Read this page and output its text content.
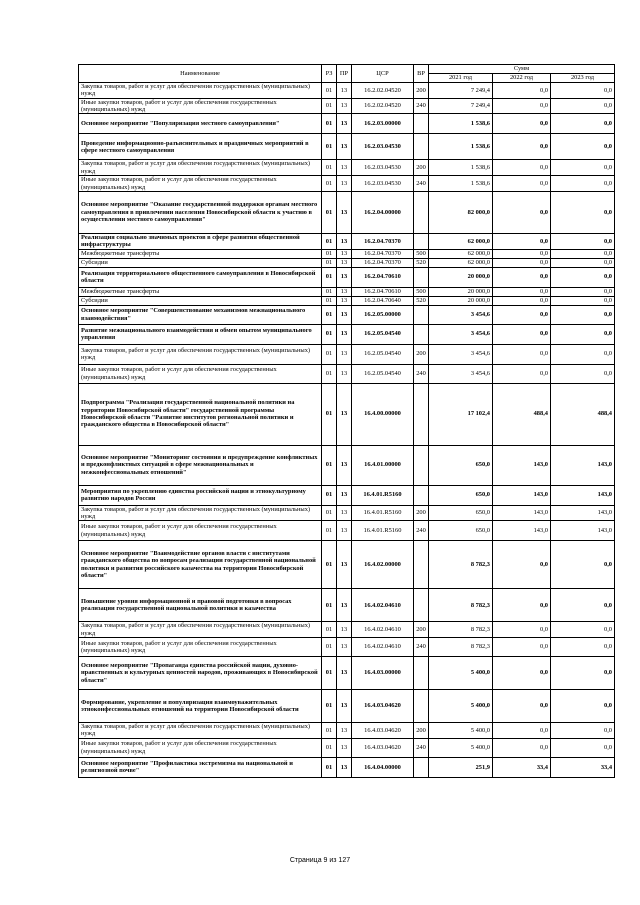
Наименование	РЗ	ПР	ЦСР	ВР	Сумм		
					2021 год	2022 год	2023 год
Закупка товаров, работ и услуг для обеспечения государственных (муниципальных) нужд	01	13	16.2.02.04520	200	7 249,4	0,0	0,0
Иные закупки товаров, работ и услуг для обеспечения государственных (муниципальных) нужд	01	13	16.2.02.04520	240	7 249,4	0,0	0,0
Основное мероприятие "Популяризация местного самоуправления"	01	13	16.2.03.00000		1 538,6	0,0	0,0
Проведение информационно-разъяснительных и праздничных мероприятий в сфере местного самоуправления	01	13	16.2.03.04530		1 538,6	0,0	0,0
Закупка товаров, работ и услуг для обеспечения государственных (муниципальных) нужд	01	13	16.2.03.04530	200	1 538,6	0,0	0,0
Иные закупки товаров, работ и услуг для обеспечения государственных (муниципальных) нужд	01	13	16.2.03.04530	240	1 538,6	0,0	0,0
Основное мероприятие "Оказание государственной поддержки органам местного самоуправления в привлечении населения Новосибирской области к участию в осуществлении местного самоуправления"	01	13	16.2.04.00000		82 000,0	0,0	0,0
Реализация социально значимых проектов в сфере развития общественной инфраструктуры	01	13	16.2.04.70370		62 000,0	0,0	0,0
Межбюджетные трансферты	01	13	16.2.04.70370	500	62 000,0	0,0	0,0
Субсидии	01	13	16.2.04.70370	520	62 000,0	0,0	0,0
Реализация территориального общественного самоуправления в Новосибирской области	01	13	16.2.04.70610		20 000,0	0,0	0,0
Межбюджетные трансферты	01	13	16.2.04.70610	500	20 000,0	0,0	0,0
Субсидии	01	13	16.2.04.70640	520	20 000,0	0,0	0,0
Основное мероприятие "Совершенствование механизмов межнационального взаимодействия"	01	13	16.2.05.00000		3 454,6	0,0	0,0
Развитие межнационального взаимодействия и обмен опытом муниципального управления	01	13	16.2.05.04540		3 454,6	0,0	0,0
Закупка товаров, работ и услуг для обеспечения государственных (муниципальных) нужд	01	13	16.2.05.04540	200	3 454,6	0,0	0,0
Иные закупки товаров, работ и услуг для обеспечения государственных (муниципальных) нужд	01	13	16.2.05.04540	240	3 454,6	0,0	0,0
Подпрограмма "Реализация государственной национальной политики на территории Новосибирской области" государственной программы Новосибирской области "Развитие институтов региональной политики и гражданского общества в Новосибирской области"	01	13	16.4.00.00000		17 102,4	488,4	488,4
Основное мероприятие "Мониторинг состояния и предупреждение конфликтных и предконфликтных ситуаций в сфере межнациональных и межконфессиональных отношений"	01	13	16.4.01.00000		650,0	143,0	143,0
Мероприятия по укреплению единства российской нации и этнокультурному развитию народов России	01	13	16.4.01.R5160		650,0	143,0	143,0
Закупка товаров, работ и услуг для обеспечения государственных (муниципальных) нужд	01	13	16.4.01.R5160	200	650,0	143,0	143,0
Иные закупки товаров, работ и услуг для обеспечения государственных (муниципальных) нужд	01	13	16.4.01.R5160	240	650,0	143,0	143,0
Основное мероприятие "Взаимодействие органов власти с институтами гражданского общества по вопросам реализации государственной национальной политики и развития российского казачества на территории Новосибирской области"	01	13	16.4.02.00000		8 782,3	0,0	0,0
Повышение уровня информационной и правовой подготовки в вопросах реализации государственной национальной политики и казачества	01	13	16.4.02.04610		8 782,3	0,0	0,0
Закупка товаров, работ и услуг для обеспечения государственных (муниципальных) нужд	01	13	16.4.02.04610	200	8 782,3	0,0	0,0
Иные закупки товаров, работ и услуг для обеспечения государственных (муниципальных) нужд	01	13	16.4.02.04610	240	8 782,3	0,0	0,0
Основное мероприятие "Пропаганда единства российской нации, духовно-нравственных и культурных ценностей народов, проживающих в Новосибирской области"	01	13	16.4.03.00000		5 400,0	0,0	0,0
Формирование, укрепление и популяризация взаимоуважительных этноконфессиональных отношений на территории Новосибирской области	01	13	16.4.03.04620		5 400,0	0,0	0,0
Закупка товаров, работ и услуг для обеспечения государственных (муниципальных) нужд	01	13	16.4.03.04620	200	5 400,0	0,0	0,0
Иные закупки товаров, работ и услуг для обеспечения государственных (муниципальных) нужд	01	13	16.4.03.04620	240	5 400,0	0,0	0,0
Основное мероприятие "Профилактика экстремизма на национальной и религиозной почве"	01	13	16.4.04.00000		251,9	33,4	33,4
Страница 9 из 127
